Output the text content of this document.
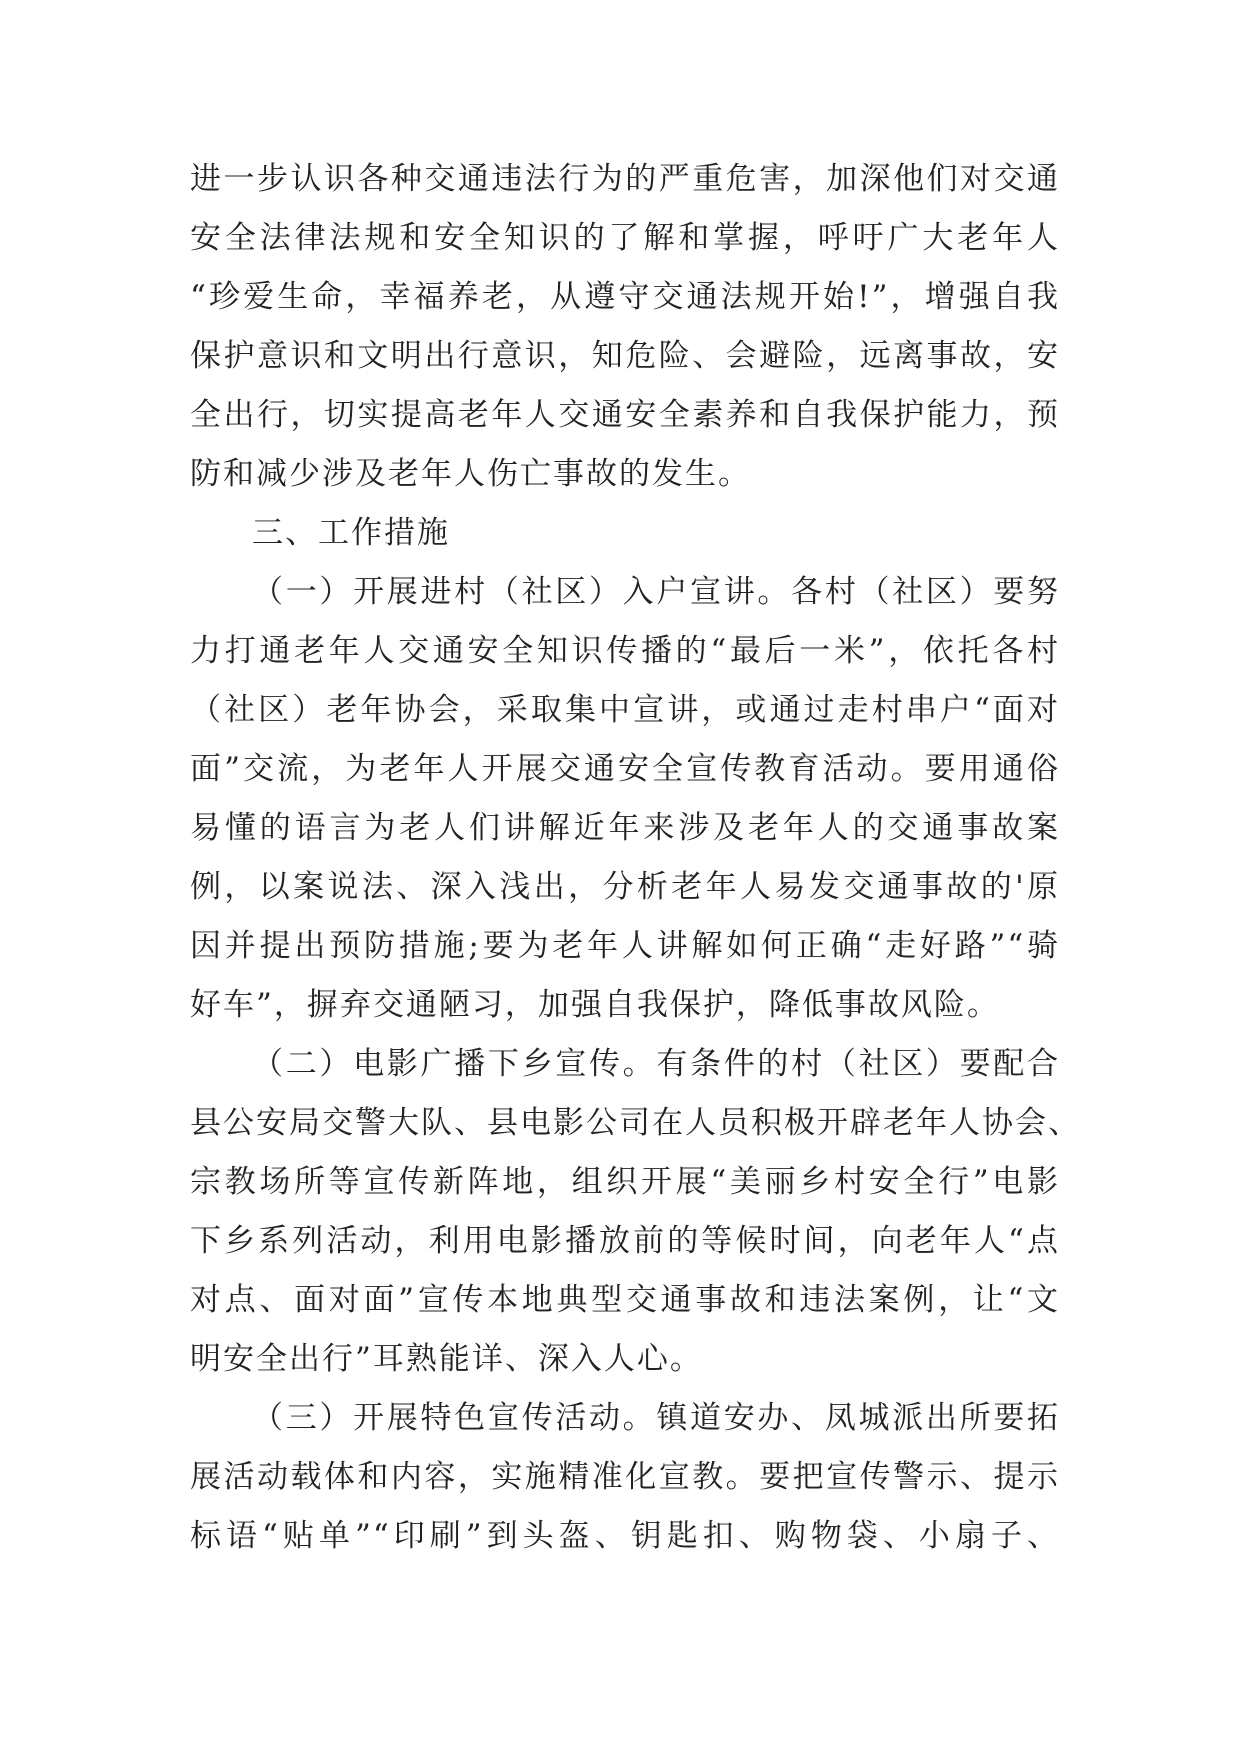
进一步认识各种交通违法行为的严重危害，加深他们对交通
安全法律法规和安全知识的了解和掌握，呼吁广大老年人
“珍爱生命，幸福养老，从遵守交通法规开始!”，增强自我
保护意识和文明出行意识，知危险、会避险，远离事故，安
全出行，切实提高老年人交通安全素养和自我保护能力，预
防和减少涉及老年人伤亡事故的发生。
三、工作措施
（一）开展进村（社区）入户宣讲。各村（社区）要努
力打通老年人交通安全知识传播的“最后一米”，依托各村
（社区）老年协会，采取集中宣讲，或通过走村串户“面对
面”交流，为老年人开展交通安全宣传教育活动。要用通俗
易懂的语言为老人们讲解近年来涉及老年人的交通事故案
例，以案说法、深入浅出，分析老年人易发交通事故的'原
因并提出预防措施;要为老年人讲解如何正确“走好路”“骑
好车”，摒弃交通陋习，加强自我保护，降低事故风险。
（二）电影广播下乡宣传。有条件的村（社区）要配合
县公安局交警大队、县电影公司在人员积极开辟老年人协会、
宗教场所等宣传新阵地，组织开展“美丽乡村安全行”电影
下乡系列活动，利用电影播放前的等候时间，向老年人“点
对点、面对面”宣传本地典型交通事故和违法案例，让“文
明安全出行”耳熟能详、深入人心。
（三）开展特色宣传活动。镇道安办、凤城派出所要拓
展活动载体和内容，实施精准化宣教。要把宣传警示、提示
标语“贴单”“印刷”到头盔、钥匙扣、购物袋、小扇子、
